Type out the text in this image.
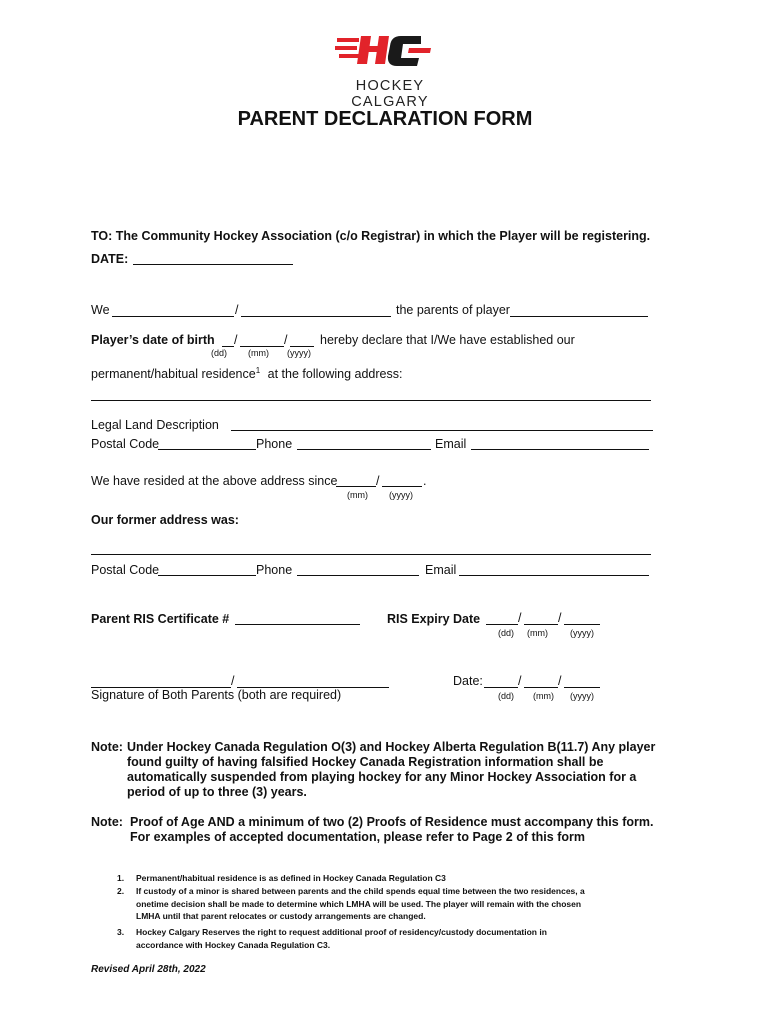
HOCKEY CALGARY
PARENT DECLARATION FORM
TO: The Community Hockey Association (c/o Registrar) in which the Player will be registering.
DATE:
We	/	the parents of player
Player’s date of birth /	/	hereby declare that I/We have established our
(dd) (mm) (yyyy)
permanent/habitual residence$^1$ at the following address:
Legal Land Description
Postal Code	Phone	Email
We have resided at the above address since	/	.
(mm) (yyyy)
Our former address was:
Postal Code	Phone	Email
Parent RIS Certificate #	RIS Expiry Date	/	/
(dd) (mm) (yyyy)
/
Signature of Both Parents (both are required)
Date:	/	/
(dd) (mm) (yyyy)
Note: Under Hockey Canada Regulation O(3) and Hockey Alberta Regulation B(11.7) Any player
found guilty of having falsified Hockey Canada Registration information shall be
automatically suspended from playing hockey for any Minor Hockey Association for a
period of up to three (3) years.
Note: Proof of Age AND a minimum of two (2) Proofs of Residence must accompany this form.
For examples of accepted documentation, please refer to Page 2 of this form
1. Permanent/habitual residence is as defined in Hockey Canada Regulation C3
2. If custody of a minor is shared between parents and the child spends equal time between the two residences, a
onetime decision shall be made to determine which LMHA will be used. The player will remain with the chosen
LMHA until that parent relocates or custody arrangements are changed.
3. Hockey Calgary Reserves the right to request additional proof of residency/custody documentation in
accordance with Hockey Canada Regulation C3.
Revised April 28th, 2022
